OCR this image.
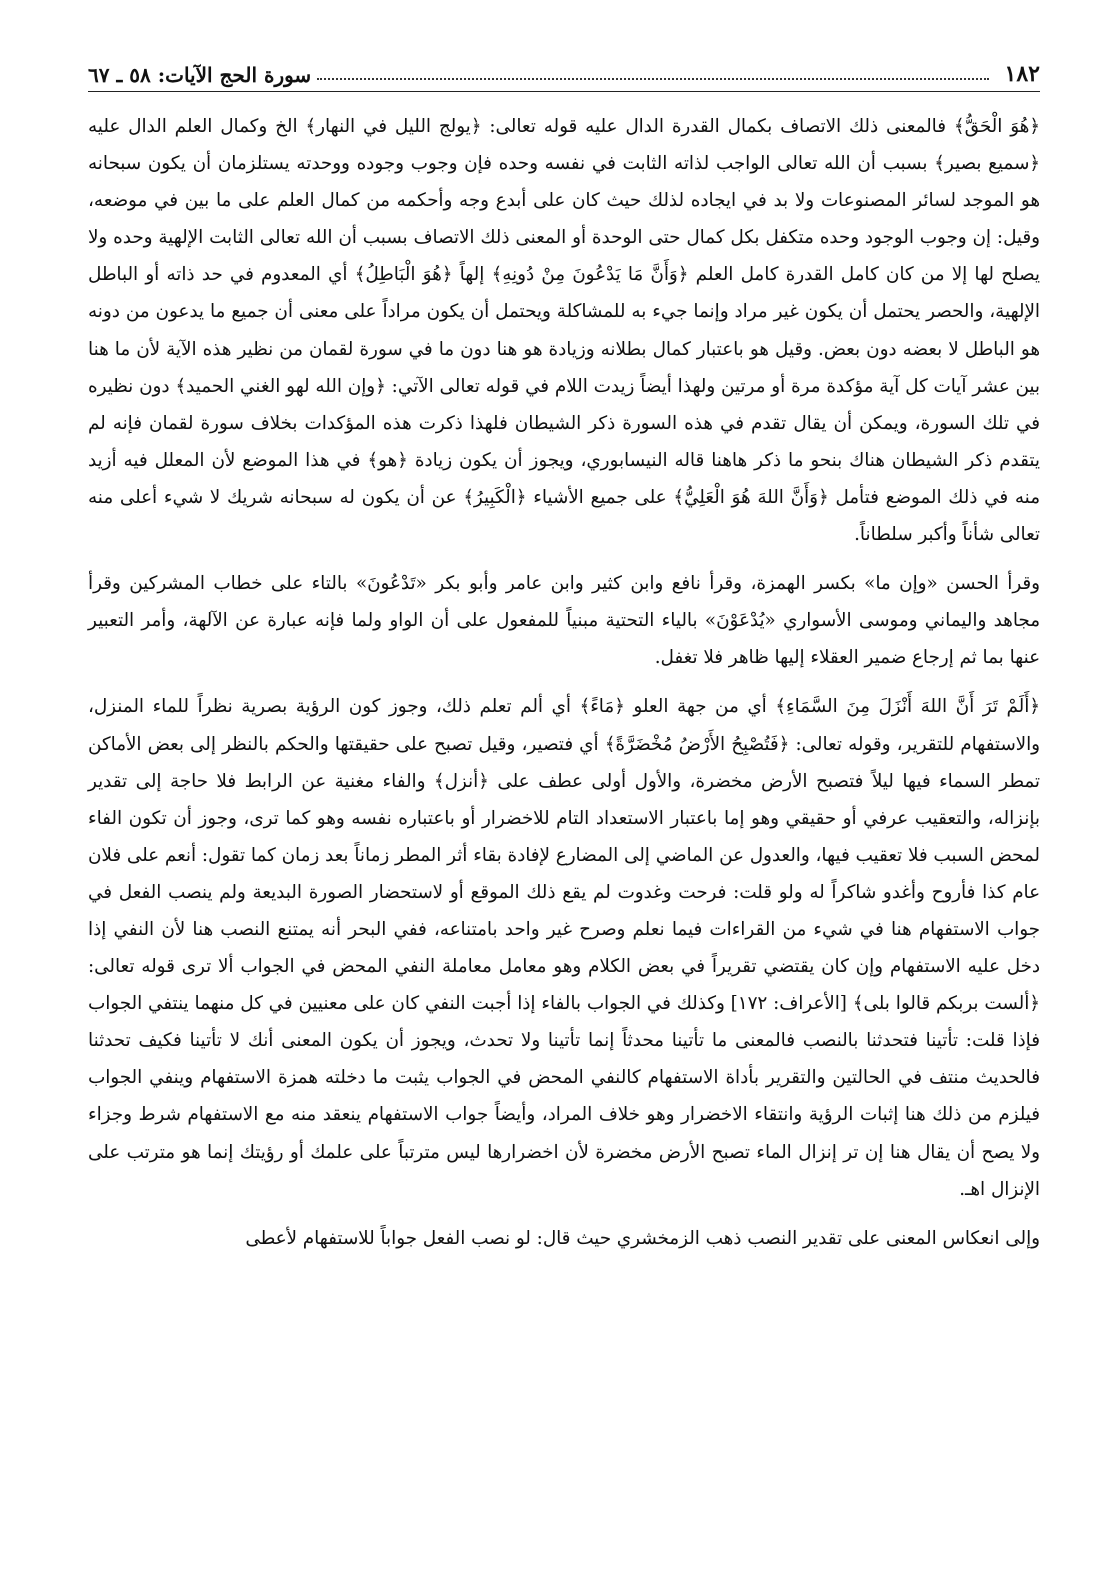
١٨٢
سورة الحج الآيات: ٥٨ ـ ٦٧

﴿هُوَ الْحَقُّ﴾ فالمعنى ذلك الاتصاف بكمال القدرة الدال عليه قوله تعالى: ﴿يولج الليل في النهار﴾ الخ وكمال العلم الدال عليه ﴿سميع بصير﴾ بسبب أن الله تعالى الواجب لذاته الثابت في نفسه وحده فإن وجوب وجوده ووحدته يستلزمان أن يكون سبحانه هو الموجد لسائر المصنوعات ولا بد في ايجاده لذلك حيث كان على أبدع وجه وأحكمه من كمال العلم على ما بين في موضعه، وقيل: إن وجوب الوجود وحده متكفل بكل كمال حتى الوحدة أو المعنى ذلك الاتصاف بسبب أن الله تعالى الثابت الإلهية وحده ولا يصلح لها إلا من كان كامل القدرة كامل العلم ﴿وَأَنَّ مَا يَدْعُونَ مِنْ دُونِهِ﴾ إلهاً ﴿هُوَ الْبَاطِلُ﴾ أي المعدوم في حد ذاته أو الباطل الإلهية، والحصر يحتمل أن يكون غير مراد وإنما جيء به للمشاكلة ويحتمل أن يكون مراداً على معنى أن جميع ما يدعون من دونه هو الباطل لا بعضه دون بعض. وقيل هو باعتبار كمال بطلانه وزيادة هو هنا دون ما في سورة لقمان من نظير هذه الآية لأن ما هنا بين عشر آيات كل آية مؤكدة مرة أو مرتين ولهذا أيضاً زيدت اللام في قوله تعالى الآتي: ﴿وإن الله لهو الغني الحميد﴾ دون نظيره في تلك السورة، ويمكن أن يقال تقدم في هذه السورة ذكر الشيطان فلهذا ذكرت هذه المؤكدات بخلاف سورة لقمان فإنه لم يتقدم ذكر الشيطان هناك بنحو ما ذكر هاهنا قاله النيسابوري، ويجوز أن يكون زيادة ﴿هو﴾ في هذا الموضع لأن المعلل فيه أزيد منه في ذلك الموضع فتأمل ﴿وَأَنَّ اللهَ هُوَ الْعَلِيُّ﴾ على جميع الأشياء ﴿الْكَبِيرُ﴾ عن أن يكون له سبحانه شريك لا شيء أعلى منه تعالى شأناً وأكبر سلطاناً.

وقرأ الحسن «وإن ما» بكسر الهمزة، وقرأ نافع وابن كثير وابن عامر وأبو بكر «تَدْعُونَ» بالتاء على خطاب المشركين وقرأ مجاهد واليماني وموسى الأسواري «يُدْعَوْنَ» بالياء التحتية مبنياً للمفعول على أن الواو ولما فإنه عبارة عن الآلهة، وأمر التعبير عنها بما ثم إرجاع ضمير العقلاء إليها ظاهر فلا تغفل.

﴿أَلَمْ تَرَ أَنَّ اللهَ أَنْزَلَ مِنَ السَّمَاءِ﴾ أي من جهة العلو ﴿مَاءً﴾ أي ألم تعلم ذلك، وجوز كون الرؤية بصرية نظراً للماء المنزل، والاستفهام للتقرير، وقوله تعالى: ﴿فَتُصْبِحُ الأَرْضُ مُخْضَرَّةً﴾ أي فتصير، وقيل تصبح على حقيقتها والحكم بالنظر إلى بعض الأماكن تمطر السماء فيها ليلاً فتصبح الأرض مخضرة، والأول أولى عطف على ﴿أنزل﴾ والفاء مغنية عن الرابط فلا حاجة إلى تقدير بإنزاله، والتعقيب عرفي أو حقيقي وهو إما باعتبار الاستعداد التام للاخضرار أو باعتباره نفسه وهو كما ترى، وجوز أن تكون الفاء لمحض السبب فلا تعقيب فيها، والعدول عن الماضي إلى المضارع لإفادة بقاء أثر المطر زماناً بعد زمان كما تقول: أنعم على فلان عام كذا فأروح وأغدو شاكراً له ولو قلت: فرحت وغدوت لم يقع ذلك الموقع أو لاستحضار الصورة البديعة ولم ينصب الفعل في جواب الاستفهام هنا في شيء من القراءات فيما نعلم وصرح غير واحد بامتناعه، ففي البحر أنه يمتنع النصب هنا لأن النفي إذا دخل عليه الاستفهام وإن كان يقتضي تقريراً في بعض الكلام وهو معامل معاملة النفي المحض في الجواب ألا ترى قوله تعالى: ﴿ألست بربكم قالوا بلى﴾ [الأعراف: ١٧٢] وكذلك في الجواب بالفاء إذا أجبت النفي كان على معنيين في كل منهما ينتفي الجواب فإذا قلت: تأتينا فتحدثنا بالنصب فالمعنى ما تأتينا محدثاً إنما تأتينا ولا تحدث، ويجوز أن يكون المعنى أنك لا تأتينا فكيف تحدثنا فالحديث منتف في الحالتين والتقرير بأداة الاستفهام كالنفي المحض في الجواب يثبت ما دخلته همزة الاستفهام وينفي الجواب فيلزم من ذلك هنا إثبات الرؤية وانتقاء الاخضرار وهو خلاف المراد، وأيضاً جواب الاستفهام ينعقد منه مع الاستفهام شرط وجزاء ولا يصح أن يقال هنا إن تر إنزال الماء تصبح الأرض مخضرة لأن اخضرارها ليس مترتباً على علمك أو رؤيتك إنما هو مترتب على الإنزال اهـ.

وإلى انعكاس المعنى على تقدير النصب ذهب الزمخشري حيث قال: لو نصب الفعل جواباً للاستفهام لأعطى
